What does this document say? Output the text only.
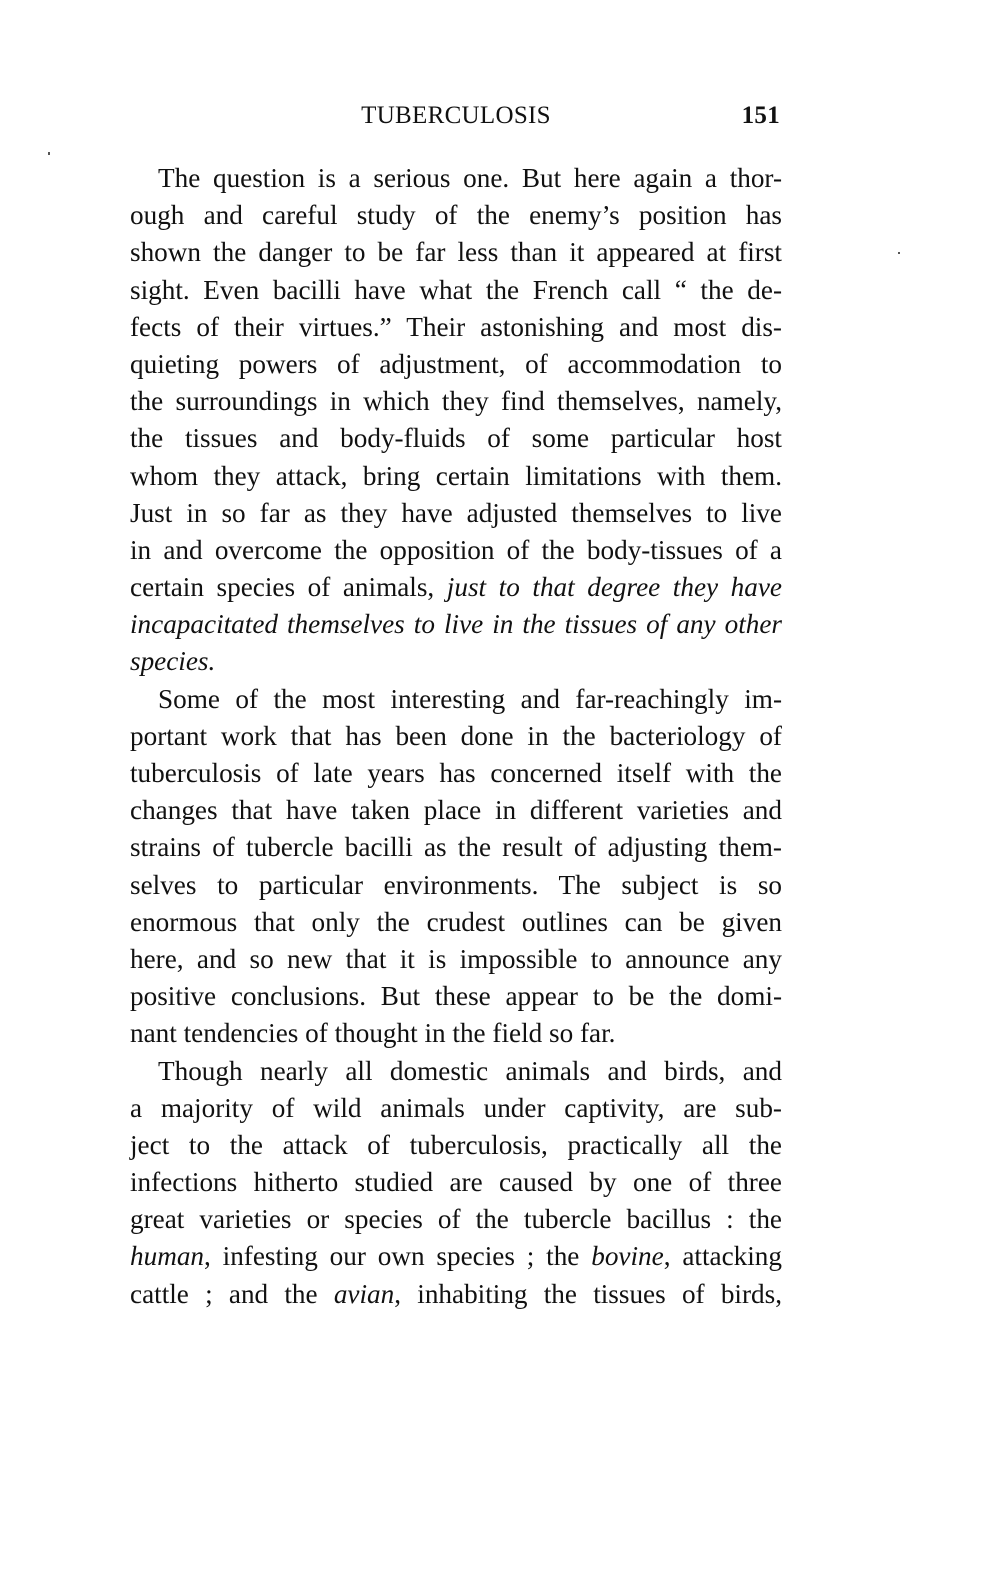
TUBERCULOSIS	151
The question is a serious one. But here again a thor-
ough and careful study of the enemy’s position has
shown the danger to be far less than it appeared at first
sight. Even bacilli have what the French call “ the de-
fects of their virtues.” Their astonishing and most dis-
quieting powers of adjustment, of accommodation to
the surroundings in which they find themselves, namely,
the tissues and body-fluids of some particular host
whom they attack, bring certain limitations with them.
Just in so far as they have adjusted themselves to live
in and overcome the opposition of the body-tissues of a
certain species of animals, just to that degree they have
incapacitated themselves to live in the tissues of any other
species.
Some of the most interesting and far-reachingly im-
portant work that has been done in the bacteriology of
tuberculosis of late years has concerned itself with the
changes that have taken place in different varieties and
strains of tubercle bacilli as the result of adjusting them-
selves to particular environments. The subject is so
enormous that only the crudest outlines can be given
here, and so new that it is impossible to announce any
positive conclusions. But these appear to be the domi-
nant tendencies of thought in the field so far.
Though nearly all domestic animals and birds, and
a majority of wild animals under captivity, are sub-
ject to the attack of tuberculosis, practically all the
infections hitherto studied are caused by one of three
great varieties or species of the tubercle bacillus : the
human, infesting our own species ; the bovine, attacking
cattle ; and the avian, inhabiting the tissues of birds,
